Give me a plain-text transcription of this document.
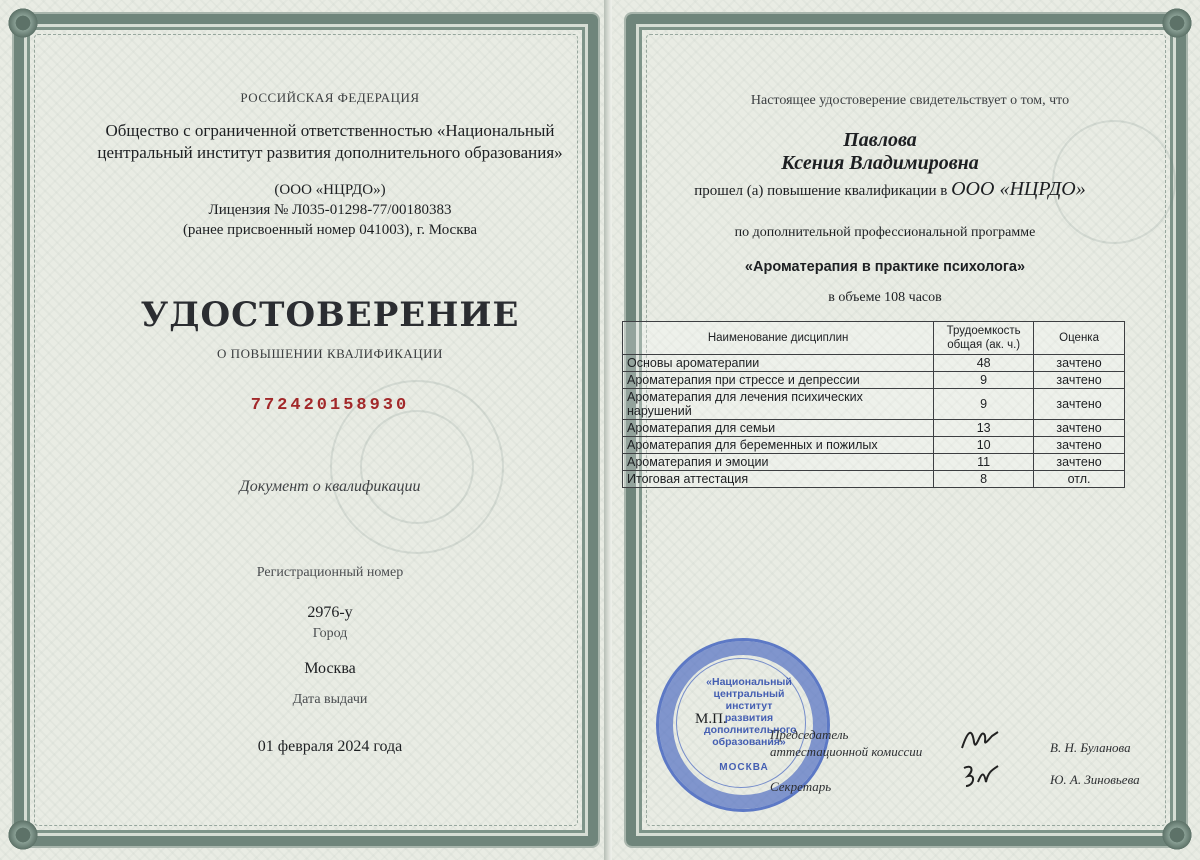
РОССИЙСКАЯ ФЕДЕРАЦИЯ
Общество с ограниченной ответственностью «Национальный
центральный институт развития дополнительного образования»
(ООО «НЦРДО»)
Лицензия № Л035-01298-77/00180383
(ранее присвоенный номер 041003), г. Москва
УДОСТОВЕРЕНИЕ
О ПОВЫШЕНИИ КВАЛИФИКАЦИИ
772420158930
Документ о квалификации
Регистрационный номер
2976-у
Город
Москва
Дата выдачи
01 февраля 2024 года
Настоящее удостоверение свидетельствует о том, что
Павлова
Ксения Владимировна
прошел (а) повышение квалификации в ООО «НЦРДО»
по дополнительной профессиональной программе
«Ароматерапия в практике психолога»
в объеме 108 часов
Наименование дисциплин	Трудоемкость общая (ак. ч.)	Оценка
Основы ароматерапии	48	зачтено
Ароматерапия при стрессе и депрессии	9	зачтено
Ароматерапия для лечения психических нарушений	9	зачтено
Ароматерапия для семьи	13	зачтено
Ароматерапия для беременных и пожилых	10	зачтено
Ароматерапия и эмоции	11	зачтено
Итоговая аттестация	8	отл.
«Национальный
центральный
институт
развития
дополнительного
образования»
МОСКВА
М.П.
Председатель
аттестационной комиссии	В. Н. Буланова
Секретарь	Ю. А. Зиновьева
